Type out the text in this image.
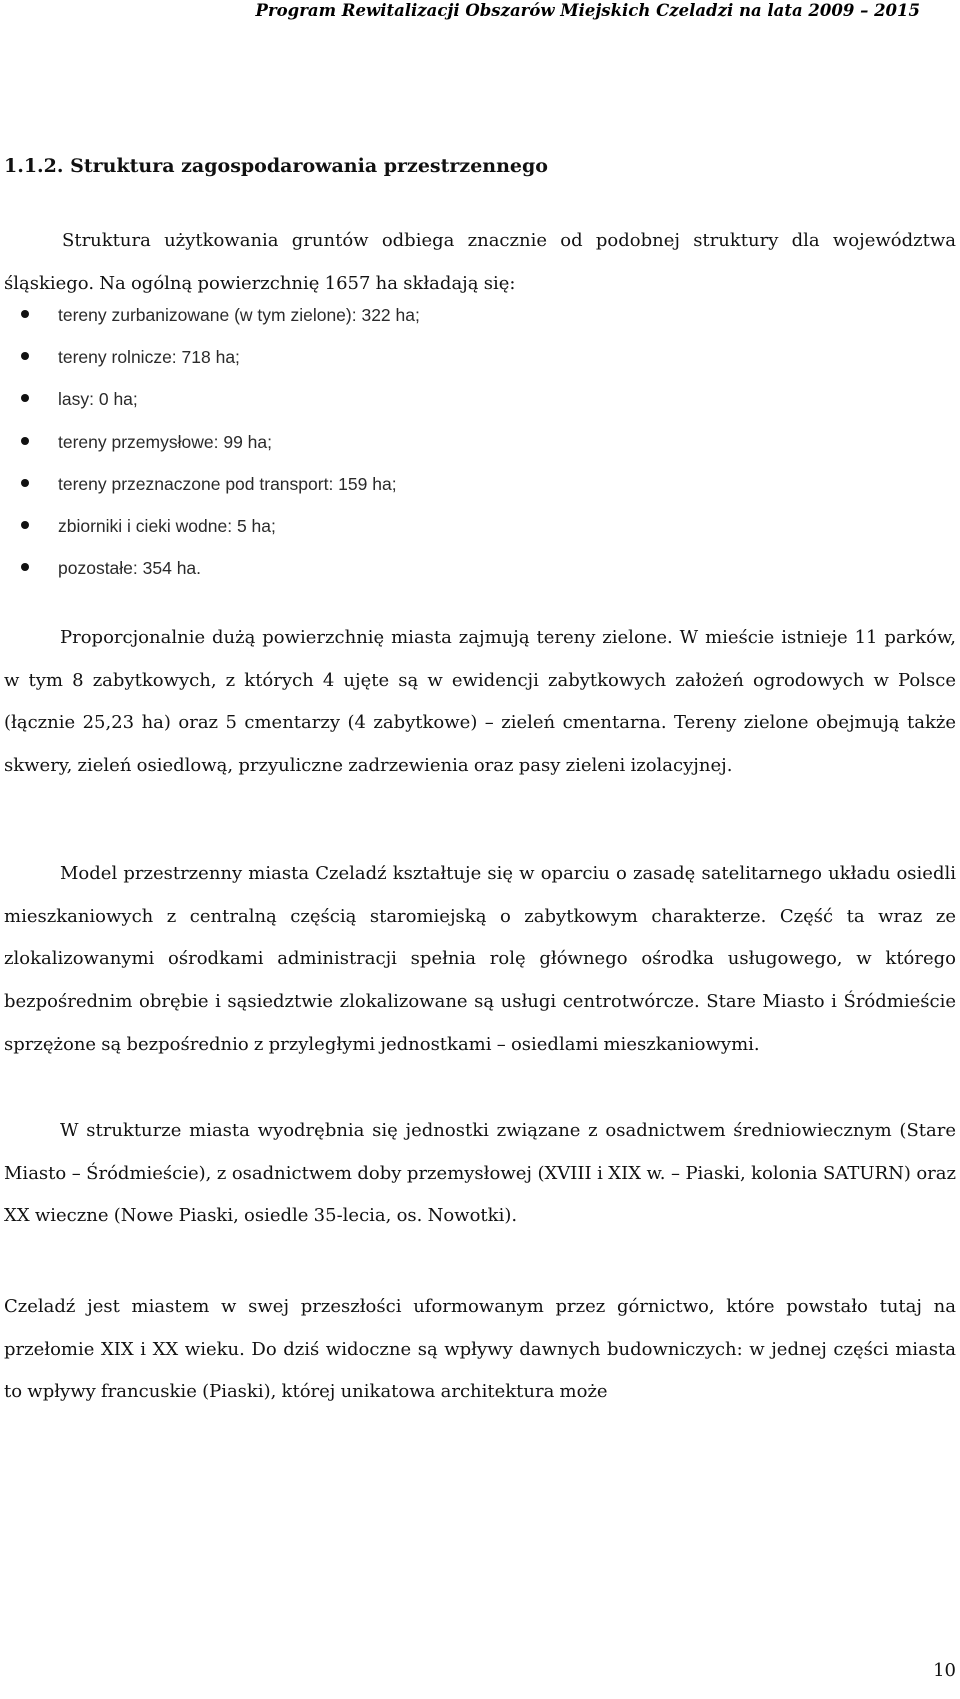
Program Rewitalizacji Obszarów Miejskich Czeladzi na lata 2009 – 2015
1.1.2. Struktura zagospodarowania przestrzennego

Struktura użytkowania gruntów odbiega znacznie od podobnej struktury dla województwa śląskiego. Na ogólną powierzchnię 1657 ha składają się:

tereny zurbanizowane (w tym zielone): 322 ha;
tereny rolnicze: 718 ha;
lasy: 0 ha;
tereny przemysłowe: 99 ha;
tereny przeznaczone pod transport: 159 ha;
zbiorniki i cieki wodne: 5 ha;
pozostałe: 354 ha.

Proporcjonalnie dużą powierzchnię miasta zajmują tereny zielone. W mieście istnieje 11 parków, w tym 8 zabytkowych, z których 4 ujęte są w ewidencji zabytkowych założeń ogrodowych w Polsce (łącznie 25,23 ha) oraz 5 cmentarzy (4 zabytkowe) – zieleń cmentarna. Tereny zielone obejmują także skwery, zieleń osiedlową, przyuliczne zadrzewienia oraz pasy zieleni izolacyjnej.

Model przestrzenny miasta Czeladź kształtuje się w oparciu o zasadę satelitarnego układu osiedli mieszkaniowych z centralną częścią staromiejską o zabytkowym charakterze. Część ta wraz ze zlokalizowanymi ośrodkami administracji spełnia rolę głównego ośrodka usługowego, w którego bezpośrednim obrębie i sąsiedztwie zlokalizowane są usługi centrotwórcze. Stare Miasto i Śródmieście sprzężone są bezpośrednio z przyległymi jednostkami – osiedlami mieszkaniowymi.

W strukturze miasta wyodrębnia się jednostki związane z osadnictwem średniowiecznym (Stare Miasto – Śródmieście), z osadnictwem doby przemysłowej (XVIII i XIX w. – Piaski, kolonia SATURN) oraz XX wieczne (Nowe Piaski, osiedle 35-lecia, os. Nowotki).

Czeladź jest miastem w swej przeszłości uformowanym przez górnictwo, które powstało tutaj na przełomie XIX i XX wieku. Do dziś widoczne są wpływy dawnych budowniczych: w jednej części miasta to wpływy francuskie (Piaski), której unikatowa architektura może

10
